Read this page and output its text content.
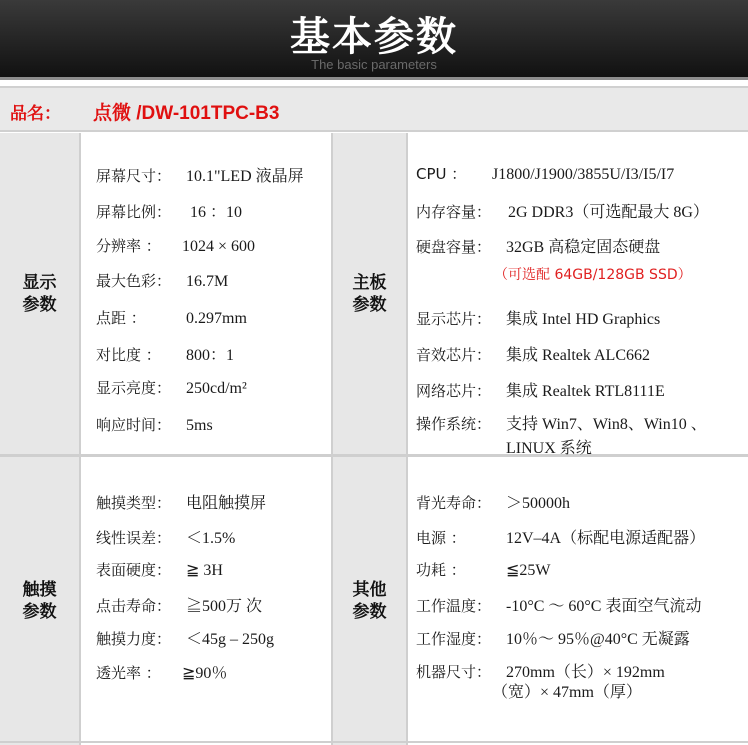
基本参数
The basic parameters
品名： 点微 /DW-101TPC-B3
显示
参数
主板
参数
触摸
参数
其他
参数
屏幕尺寸： 10.1"LED 液晶屏
屏幕比例： 16 ：10
分辨率 ： 1024 × 600
最大色彩： 16.7M
点距 ：	0.297mm
对比度 ： 800：1
显示亮度： 250cd/m²
响应时间： 5ms
CPU ： J1800/J1900/3855U/I3/I5/I7
内存容量： 2G DDR3（可选配最大 8G）
硬盘容量： 32GB 高稳定固态硬盘
（可选配 64GB/128GB SSD）
显示芯片： 集成 Intel HD Graphics
音效芯片： 集成 Realtek ALC662
网络芯片： 集成 Realtek RTL8111E
操作系统： 支持 Win7、Win8、Win10 、
LINUX 系统
触摸类型： 电阻触摸屏
线性误差： ＜1.5%
表面硬度： ≧ 3H
点击寿命： ≧500万 次
触摸力度： ＜45g – 250g
透光率 ： ≧90％
背光寿命： ＞50000h
电源 ：	12V–4A（标配电源适配器）
功耗 ：	≦25W
工作温度： -10°C ～ 60°C 表面空气流动
工作湿度： 10％～ 95％@40°C 无凝露
机器尺寸： 270mm（长）× 192mm
（宽）× 47mm（厚）
